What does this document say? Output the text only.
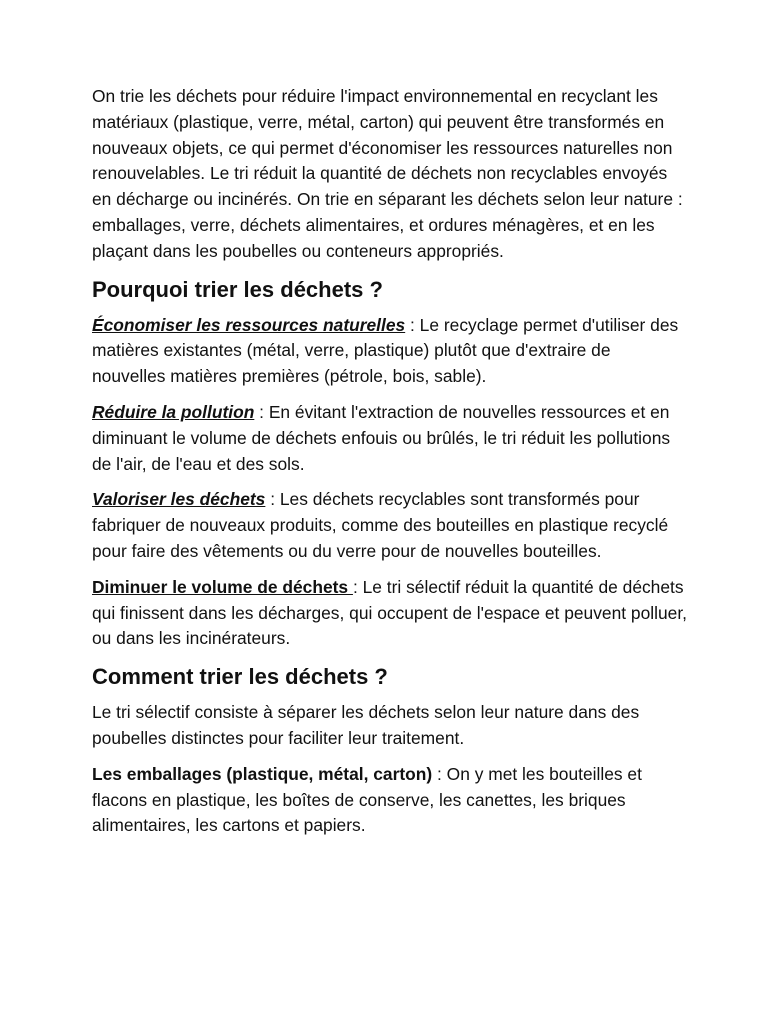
On trie les déchets pour réduire l'impact environnemental en recyclant les matériaux (plastique, verre, métal, carton) qui peuvent être transformés en nouveaux objets, ce qui permet d'économiser les ressources naturelles non renouvelables. Le tri réduit la quantité de déchets non recyclables envoyés en décharge ou incinérés. On trie en séparant les déchets selon leur nature : emballages, verre, déchets alimentaires, et ordures ménagères, et en les plaçant dans les poubelles ou conteneurs appropriés.

Pourquoi trier les déchets ?

Économiser les ressources naturelles : Le recyclage permet d'utiliser des matières existantes (métal, verre, plastique) plutôt que d'extraire de nouvelles matières premières (pétrole, bois, sable).

Réduire la pollution : En évitant l'extraction de nouvelles ressources et en diminuant le volume de déchets enfouis ou brûlés, le tri réduit les pollutions de l'air, de l'eau et des sols.

Valoriser les déchets : Les déchets recyclables sont transformés pour fabriquer de nouveaux produits, comme des bouteilles en plastique recyclé pour faire des vêtements ou du verre pour de nouvelles bouteilles.

Diminuer le volume de déchets : Le tri sélectif réduit la quantité de déchets qui finissent dans les décharges, qui occupent de l'espace et peuvent polluer, ou dans les incinérateurs.

Comment trier les déchets ?

Le tri sélectif consiste à séparer les déchets selon leur nature dans des poubelles distinctes pour faciliter leur traitement.

Les emballages (plastique, métal, carton) : On y met les bouteilles et flacons en plastique, les boîtes de conserve, les canettes, les briques alimentaires, les cartons et papiers.
